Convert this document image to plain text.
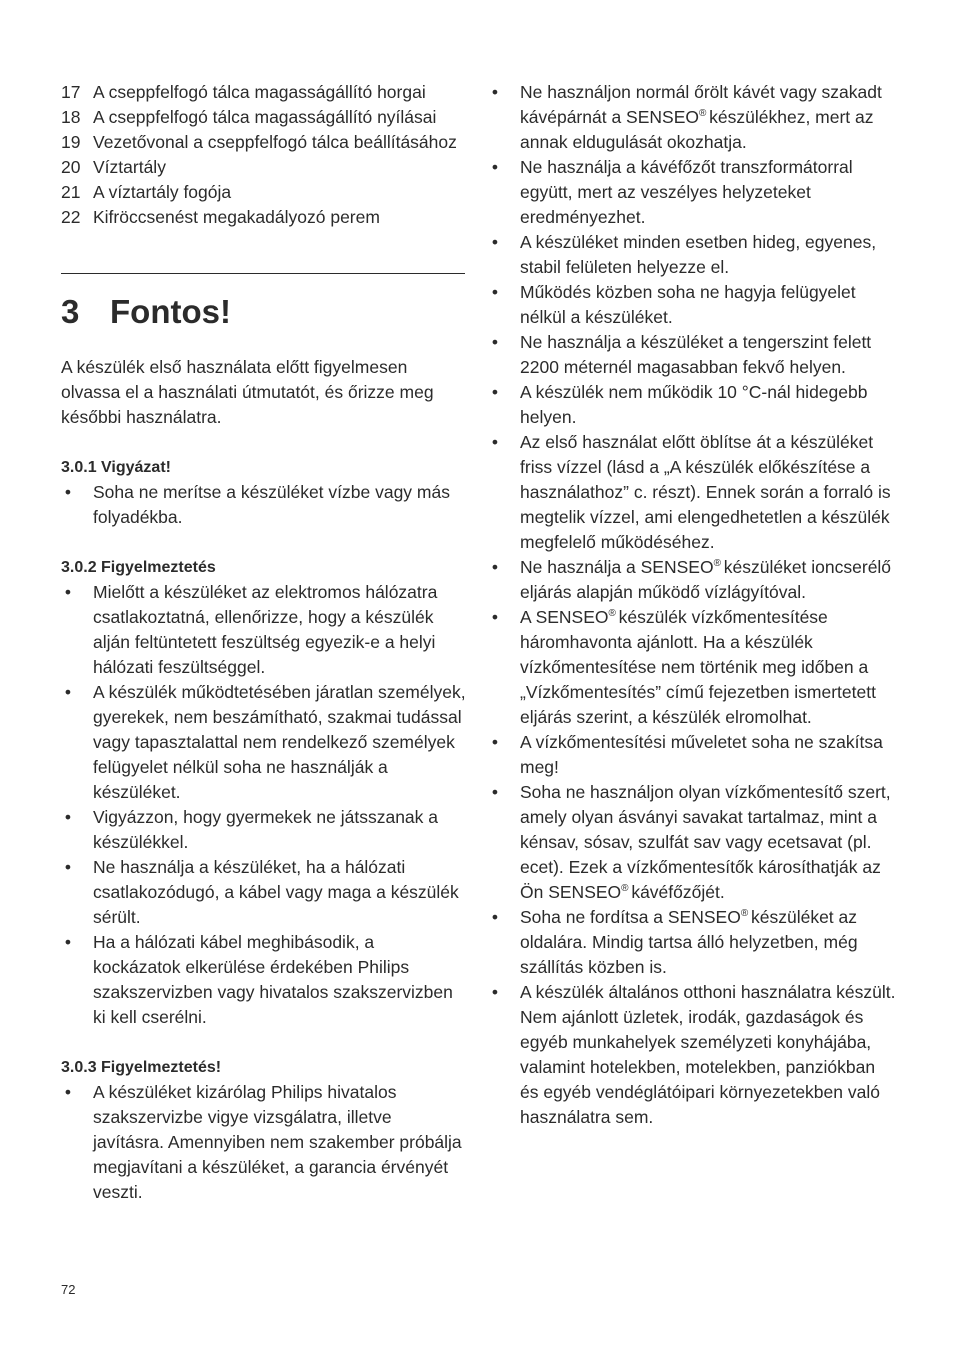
17 A cseppfelfogó tálca magasságállító horgai
18 A cseppfelfogó tálca magasságállító nyílásai
19 Vezetővonal a cseppfelfogó tálca beállításához
20 Víztartály
21 A víztartály fogója
22 Kifröccsenést megakadályozó perem
3 Fontos!

A készülék első használata előtt figyelmesen olvassa el a használati útmutatót, és őrizze meg későbbi használatra.

3.0.1 Vigyázat!
• Soha ne merítse a készüléket vízbe vagy más folyadékba.
3.0.2 Figyelmeztetés
• Mielőtt a készüléket az elektromos hálózatra csatlakoztatná, ellenőrizze, hogy a készülék alján feltüntetett feszültség egyezik-e a helyi hálózati feszültséggel.
• A készülék működtetésében járatlan személyek, gyerekek, nem beszámítható, szakmai tudással vagy tapasztalattal nem rendelkező személyek felügyelet nélkül soha ne használják a készüléket.
• Vigyázzon, hogy gyermekek ne játsszanak a készülékkel.
• Ne használja a készüléket, ha a hálózati csatlakozódugó, a kábel vagy maga a készülék sérült.
• Ha a hálózati kábel meghibásodik, a kockázatok elkerülése érdekében Philips szakszervizben vagy hivatalos szakszervizben ki kell cserélni.
3.0.3 Figyelmeztetés!
• A készüléket kizárólag Philips hivatalos szakszervizbe vigye vizsgálatra, illetve javításra. Amennyiben nem szakember próbálja megjavítani a készüléket, a garancia érvényét veszti.
• Ne használjon normál őrölt kávét vagy szakadt kávépárnát a SENSEO® készülékhez, mert az annak eldugulását okozhatja.
• Ne használja a kávéfőzőt transzformátorral együtt, mert az veszélyes helyzeteket eredményezhet.
• A készüléket minden esetben hideg, egyenes, stabil felületen helyezze el.
• Működés közben soha ne hagyja felügyelet nélkül a készüléket.
• Ne használja a készüléket a tengerszint felett 2200 méternél magasabban fekvő helyen.
• A készülék nem működik 10 °C-nál hidegebb helyen.
• Az első használat előtt öblítse át a készüléket friss vízzel (lásd a „A készülék előkészítése a használathoz” c. részt). Ennek során a forraló is megtelik vízzel, ami elengedhetetlen a készülék megfelelő működéséhez.
• Ne használja a SENSEO® készüléket ioncserélő eljárás alapján működő vízlágyítóval.
• A SENSEO® készülék vízkőmentesítése háromhavonta ajánlott. Ha a készülék vízkőmentesítése nem történik meg időben a „Vízkőmentesítés” című fejezetben ismertetett eljárás szerint, a készülék elromolhat.
• A vízkőmentesítési műveletet soha ne szakítsa meg!
• Soha ne használjon olyan vízkőmentesítő szert, amely olyan ásványi savakat tartalmaz, mint a kénsav, sósav, szulfát sav vagy ecetsavat (pl. ecet). Ezek a vízkőmentesítők károsíthatják az Ön SENSEO® kávéfőzőjét.
• Soha ne fordítsa a SENSEO® készüléket az oldalára. Mindig tartsa álló helyzetben, még szállítás közben is.
• A készülék általános otthoni használatra készült. Nem ajánlott üzletek, irodák, gazdaságok és egyéb munkahelyek személyzeti konyhájába, valamint hotelekben, motelekben, panziókban és egyéb vendéglátóipari környezetekben való használatra sem.
72
